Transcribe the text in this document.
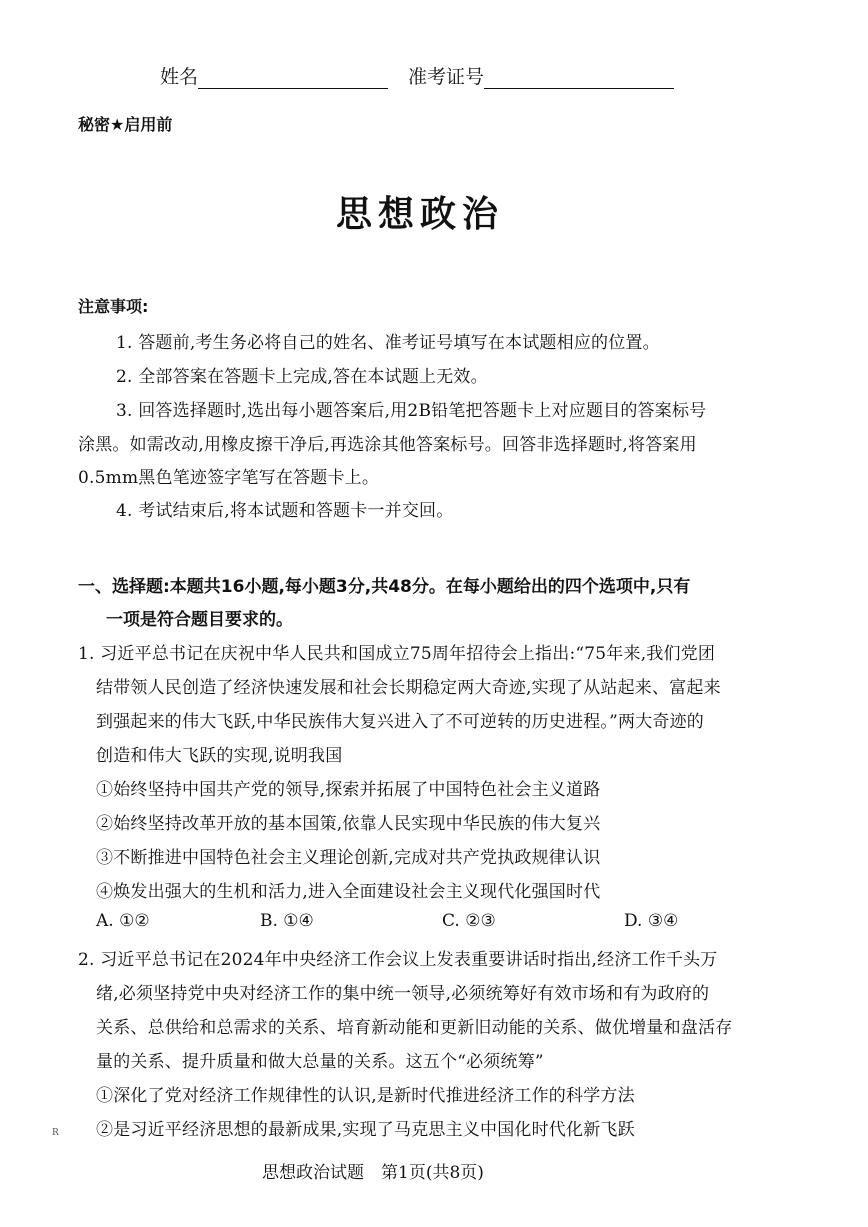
姓名	准考证号
秘密★启用前
思想政治
注意事项:
1. 答题前,考生务必将自己的姓名、准考证号填写在本试题相应的位置。
2. 全部答案在答题卡上完成,答在本试题上无效。
3. 回答选择题时,选出每小题答案后,用2B铅笔把答题卡上对应题目的答案标号
涂黑。如需改动,用橡皮擦干净后,再选涂其他答案标号。回答非选择题时,将答案用
0.5mm黑色笔迹签字笔写在答题卡上。
4. 考试结束后,将本试题和答题卡一并交回。
一、选择题:本题共16小题,每小题3分,共48分。在每小题给出的四个选项中,只有
一项是符合题目要求的。
1. 习近平总书记在庆祝中华人民共和国成立75周年招待会上指出:“75年来,我们党团
结带领人民创造了经济快速发展和社会长期稳定两大奇迹,实现了从站起来、富起来
到强起来的伟大飞跃,中华民族伟大复兴进入了不可逆转的历史进程。”两大奇迹的
创造和伟大飞跃的实现,说明我国
①始终坚持中国共产党的领导,探索并拓展了中国特色社会主义道路
②始终坚持改革开放的基本国策,依靠人民实现中华民族的伟大复兴
③不断推进中国特色社会主义理论创新,完成对共产党执政规律认识
④焕发出强大的生机和活力,进入全面建设社会主义现代化强国时代
A. ①②	B. ①④	C. ②③	D. ③④
2. 习近平总书记在2024年中央经济工作会议上发表重要讲话时指出,经济工作千头万
绪,必须坚持党中央对经济工作的集中统一领导,必须统筹好有效市场和有为政府的
关系、总供给和总需求的关系、培育新动能和更新旧动能的关系、做优增量和盘活存
量的关系、提升质量和做大总量的关系。这五个“必须统筹”
①深化了党对经济工作规律性的认识,是新时代推进经济工作的科学方法
②是习近平经济思想的最新成果,实现了马克思主义中国化时代化新飞跃
R
思想政治试题　第1页(共8页)
